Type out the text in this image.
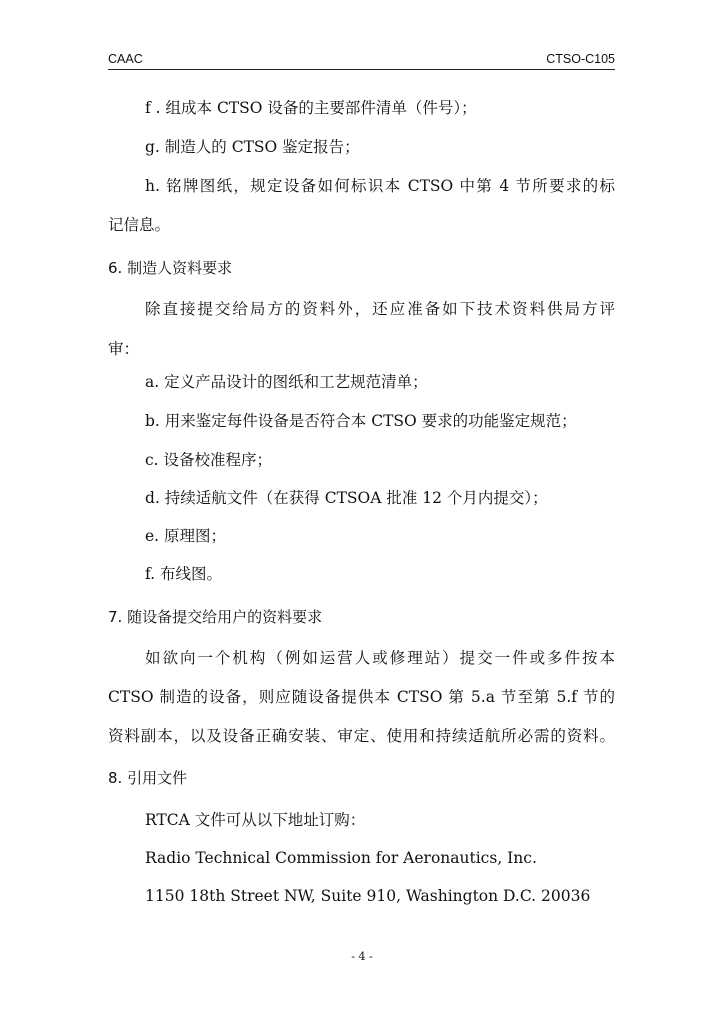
CAAC	CTSO-C105
f . 组成本 CTSO 设备的主要部件清单（件号）；
g. 制造人的 CTSO 鉴定报告；
h. 铭牌图纸，规定设备如何标识本 CTSO 中第 4 节所要求的标
记信息。
6. 制造人资料要求
除直接提交给局方的资料外，还应准备如下技术资料供局方评
审：
a. 定义产品设计的图纸和工艺规范清单；
b. 用来鉴定每件设备是否符合本 CTSO 要求的功能鉴定规范；
c. 设备校准程序；
d. 持续适航文件（在获得 CTSOA 批准 12 个月内提交）；
e. 原理图；
f. 布线图。
7. 随设备提交给用户的资料要求
如欲向一个机构（例如运营人或修理站）提交一件或多件按本
CTSO 制造的设备，则应随设备提供本 CTSO 第 5.a 节至第 5.f 节的
资料副本，以及设备正确安装、审定、使用和持续适航所必需的资料。
8. 引用文件
RTCA 文件可从以下地址订购：
Radio Technical Commission for Aeronautics, Inc.
1150 18th Street NW, Suite 910, Washington D.C. 20036
- 4 -
